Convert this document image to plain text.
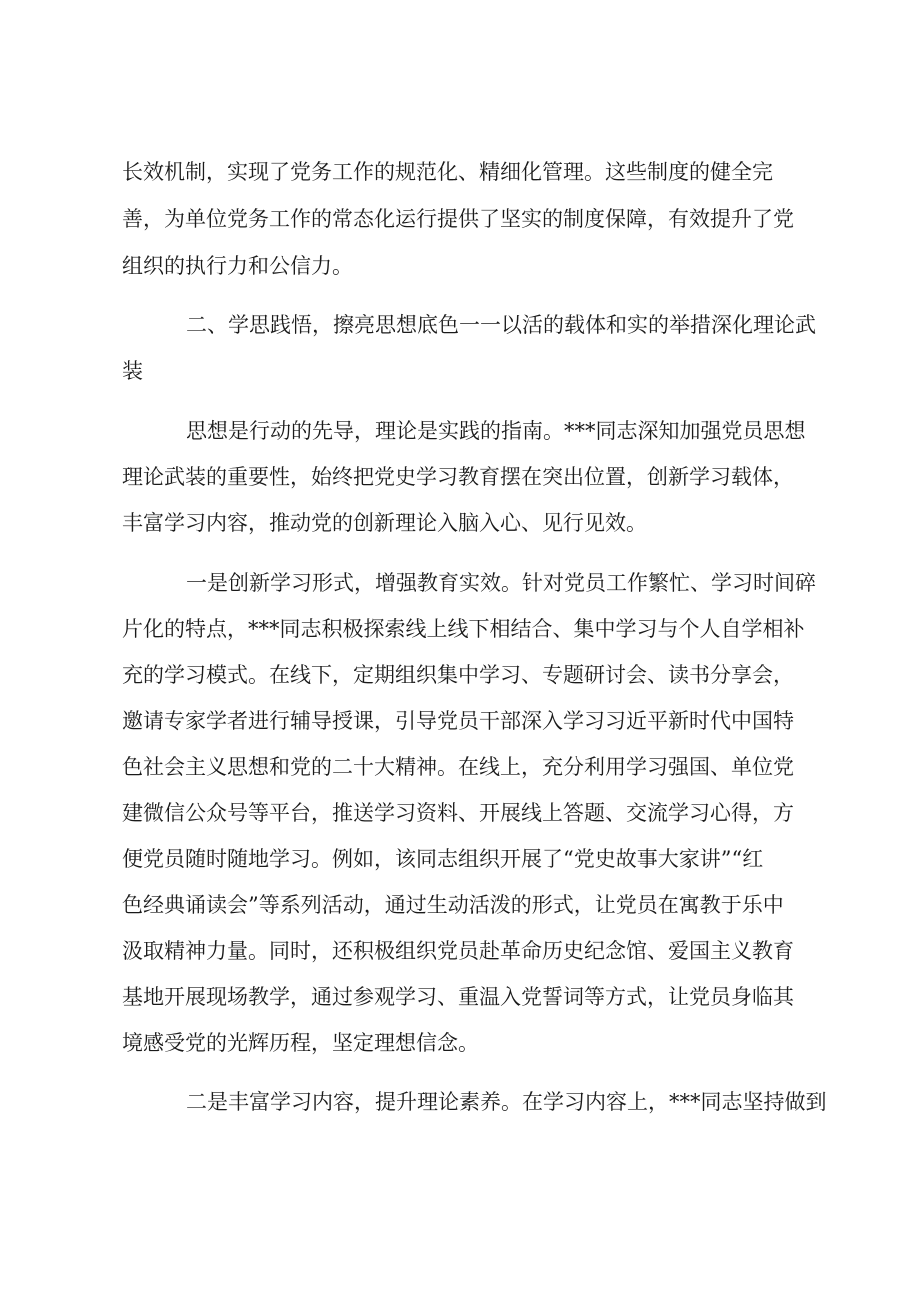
长效机制，实现了党务工作的规范化、精细化管理。这些制度的健全完

善，为单位党务工作的常态化运行提供了坚实的制度保障，有效提升了党

组织的执行力和公信力。

二、学思践悟，擦亮思想底色一一以活的载体和实的举措深化理论武

装

思想是行动的先导，理论是实践的指南。***同志深知加强党员思想

理论武装的重要性，始终把党史学习教育摆在突出位置，创新学习载体，

丰富学习内容，推动党的创新理论入脑入心、见行见效。

一是创新学习形式，增强教育实效。针对党员工作繁忙、学习时间碎

片化的特点，***同志积极探索线上线下相结合、集中学习与个人自学相补

充的学习模式。在线下，定期组织集中学习、专题研讨会、读书分享会，

邀请专家学者进行辅导授课，引导党员干部深入学习习近平新时代中国特

色社会主义思想和党的二十大精神。在线上，充分利用学习强国、单位党

建微信公众号等平台，推送学习资料、开展线上答题、交流学习心得，方

便党员随时随地学习。例如，该同志组织开展了“党史故事大家讲”“红

色经典诵读会”等系列活动，通过生动活泼的形式，让党员在寓教于乐中

汲取精神力量。同时，还积极组织党员赴革命历史纪念馆、爱国主义教育

基地开展现场教学，通过参观学习、重温入党誓词等方式，让党员身临其

境感受党的光辉历程，坚定理想信念。

二是丰富学习内容，提升理论素养。在学习内容上，***同志坚持做到
